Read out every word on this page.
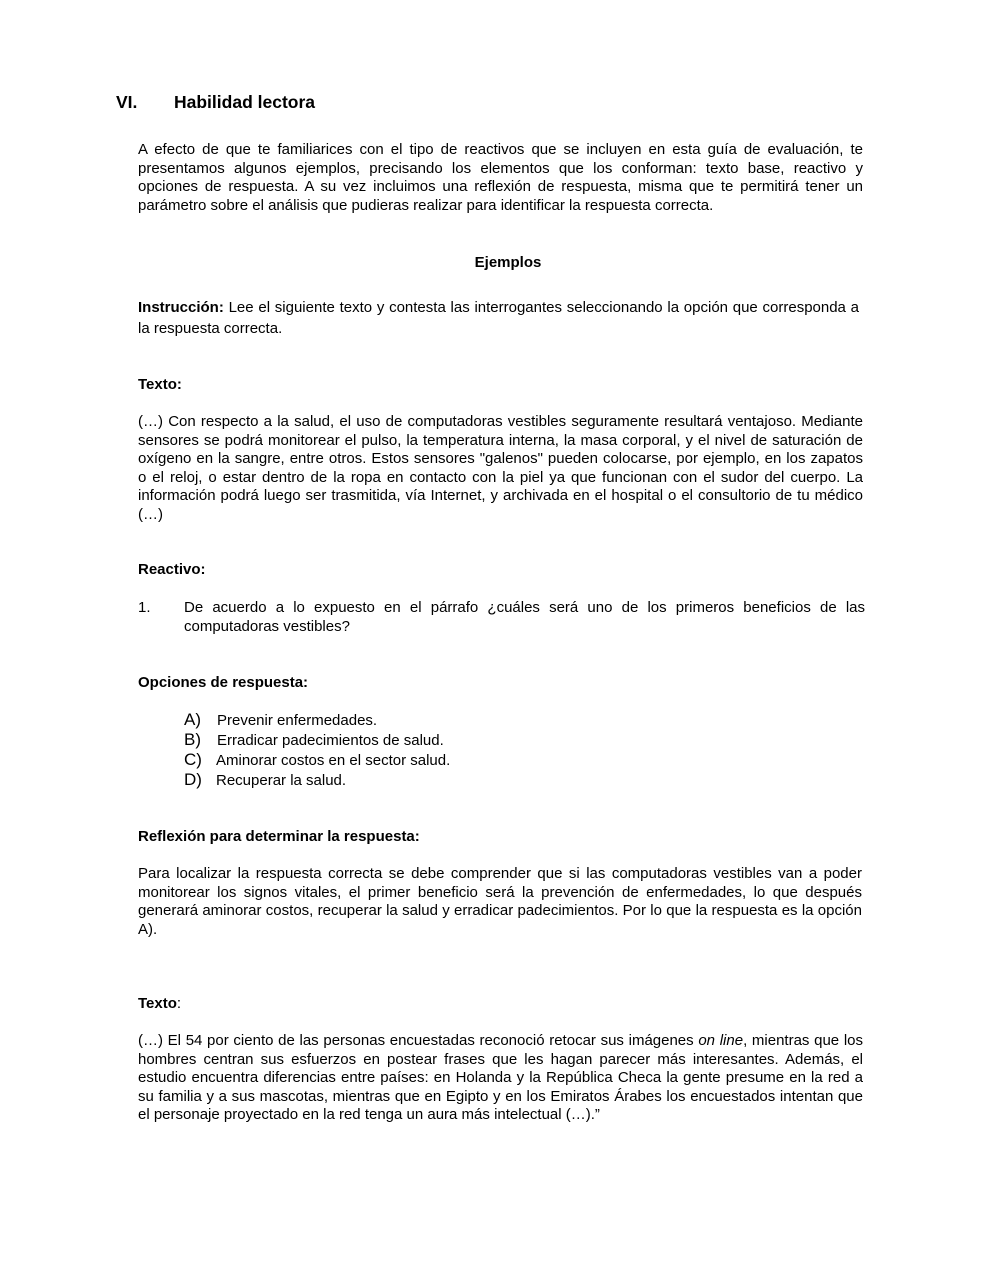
VI. Habilidad lectora
A efecto de que te familiarices con el tipo de reactivos que se incluyen en esta guía de evaluación, te presentamos algunos ejemplos, precisando los elementos que los conforman: texto base, reactivo y opciones de respuesta. A su vez incluimos una reflexión de respuesta, misma que te permitirá tener un parámetro sobre el análisis que pudieras realizar para identificar la respuesta correcta.
Ejemplos
Instrucción: Lee el siguiente texto y contesta las interrogantes seleccionando la opción que corresponda a la respuesta correcta.
Texto:
(…) Con respecto a la salud, el uso de computadoras vestibles seguramente resultará ventajoso. Mediante sensores se podrá monitorear el pulso, la temperatura interna, la masa corporal, y el nivel de saturación de oxígeno en la sangre, entre otros. Estos sensores "galenos" pueden colocarse, por ejemplo, en los zapatos o el reloj, o estar dentro de la ropa en contacto con la piel ya que funcionan con el sudor del cuerpo. La información podrá luego ser trasmitida, vía Internet, y archivada en el hospital o el consultorio de tu médico (…)
Reactivo:
1. De acuerdo a lo expuesto en el párrafo ¿cuáles será uno de los primeros beneficios de las computadoras vestibles?
Opciones de respuesta:
A) Prevenir enfermedades.
B) Erradicar padecimientos de salud.
C) Aminorar costos en el sector salud.
D) Recuperar la salud.
Reflexión para determinar la respuesta:
Para localizar la respuesta correcta se debe comprender que si las computadoras vestibles van a poder monitorear los signos vitales, el primer beneficio será la prevención de enfermedades, lo que después generará aminorar costos, recuperar la salud y erradicar padecimientos. Por lo que la respuesta es la opción A).
Texto:
(…) El 54 por ciento de las personas encuestadas reconoció retocar sus imágenes on line, mientras que los hombres centran sus esfuerzos en postear frases que les hagan parecer más interesantes. Además, el estudio encuentra diferencias entre países: en Holanda y la República Checa la gente presume en la red a su familia y a sus mascotas, mientras que en Egipto y en los Emiratos Árabes los encuestados intentan que el personaje proyectado en la red tenga un aura más intelectual (…).”
